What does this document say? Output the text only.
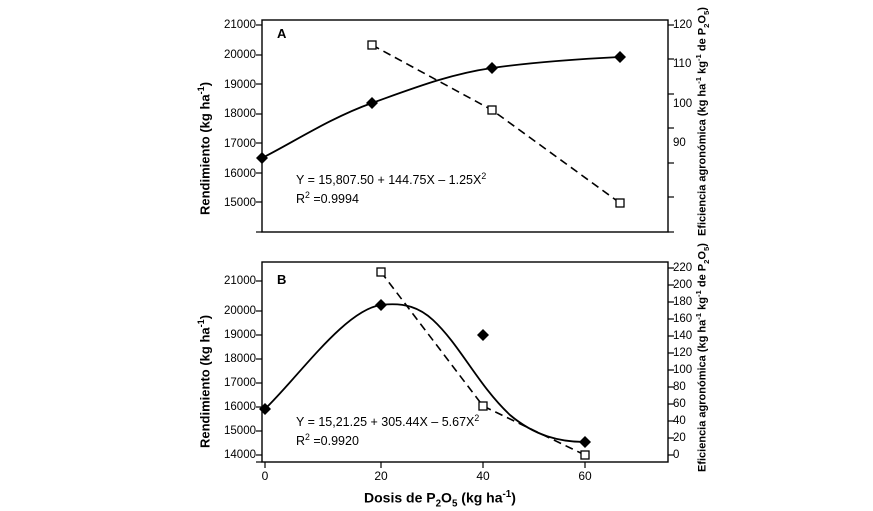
Rendimiento (kg $ha^{-1}$)	Eficiencia agronómica (kg $ha^{-1}$ $kg^{-1}$ de $P_2O_5$)
21000
20000
19000
18000
17000
16000
15000
120
110
100
90
A
$Y = 15,807.50 + 144.75X - 1.25X^2$
$R^2 =0.9994$
Rendimiento (kg $ha^{-1}$)
Eficiencia agronómica (kg $ha^{-1}$ $kg^{-1}$ de $P_2O_5$)
21000
20000
19000
18000
17000
16000
15000
14000
220
200
180
160
140
120
100
80
60
40
20
0
B
$Y = 15,21.25 + 305.44X - 5.67X^2$
$R^2 =0.9920$
0	20	40	60
Dosis de $P_2O_5$ (kg $ha^{-1}$)
